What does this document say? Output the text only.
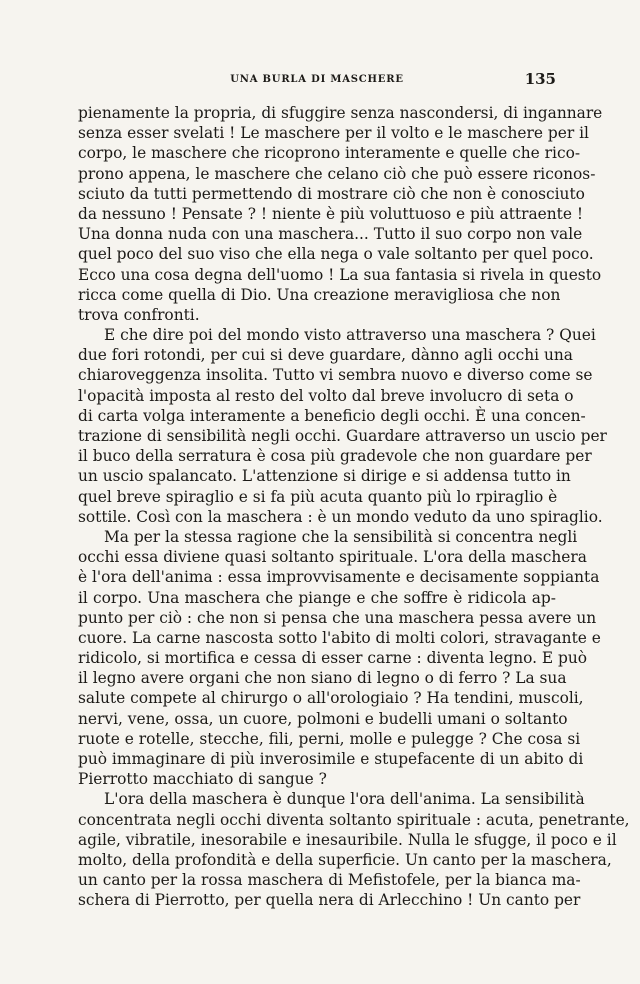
UNA BURLA DI MASCHERE	135
pienamente la propria, di sfuggire senza nascondersi, di ingannare
senza esser svelati ! Le maschere per il volto e le maschere per il
corpo, le maschere che ricoprono interamente e quelle che rico-
prono appena, le maschere che celano ciò che può essere riconos-
sciuto da tutti permettendo di mostrare ciò che non è conosciuto
da nessuno ! Pensate ? ! niente è più voluttuoso e più attraente !
Una donna nuda con una maschera... Tutto il suo corpo non vale
quel poco del suo viso che ella nega o vale soltanto per quel poco.
Ecco una cosa degna dell'uomo ! La sua fantasia si rivela in questo
ricca come quella di Dio. Una creazione meravigliosa che non
trova confronti.
E che dire poi del mondo visto attraverso una maschera ? Quei
due fori rotondi, per cui si deve guardare, dànno agli occhi una
chiaroveggenza insolita. Tutto vi sembra nuovo e diverso come se
l'opacità imposta al resto del volto dal breve involucro di seta o
di carta volga interamente a beneficio degli occhi. È una concen-
trazione di sensibilità negli occhi. Guardare attraverso un uscio per
il buco della serratura è cosa più gradevole che non guardare per
un uscio spalancato. L'attenzione si dirige e si addensa tutto in
quel breve spiraglio e si fa più acuta quanto più lo rpiraglio è
sottile. Così con la maschera : è un mondo veduto da uno spiraglio.
Ma per la stessa ragione che la sensibilità si concentra negli
occhi essa diviene quasi soltanto spirituale. L'ora della maschera
è l'ora dell'anima : essa improvvisamente e decisamente soppianta
il corpo. Una maschera che piange e che soffre è ridicola ap-
punto per ciò : che non si pensa che una maschera pessa avere un
cuore. La carne nascosta sotto l'abito di molti colori, stravagante e
ridicolo, si mortifica e cessa di esser carne : diventa legno. E può
il legno avere organi che non siano di legno o di ferro ? La sua
salute compete al chirurgo o all'orologiaio ? Ha tendini, muscoli,
nervi, vene, ossa, un cuore, polmoni e budelli umani o soltanto
ruote e rotelle, stecche, fili, perni, molle e pulegge ? Che cosa si
può immaginare di più inverosimile e stupefacente di un abito di
Pierrotto macchiato di sangue ?
L'ora della maschera è dunque l'ora dell'anima. La sensibilità
concentrata negli occhi diventa soltanto spirituale : acuta, penetrante,
agile, vibratile, inesorabile e inesauribile. Nulla le sfugge, il poco e il
molto, della profondità e della superficie. Un canto per la maschera,
un canto per la rossa maschera di Mefistofele, per la bianca ma-
schera di Pierrotto, per quella nera di Arlecchino ! Un canto per
